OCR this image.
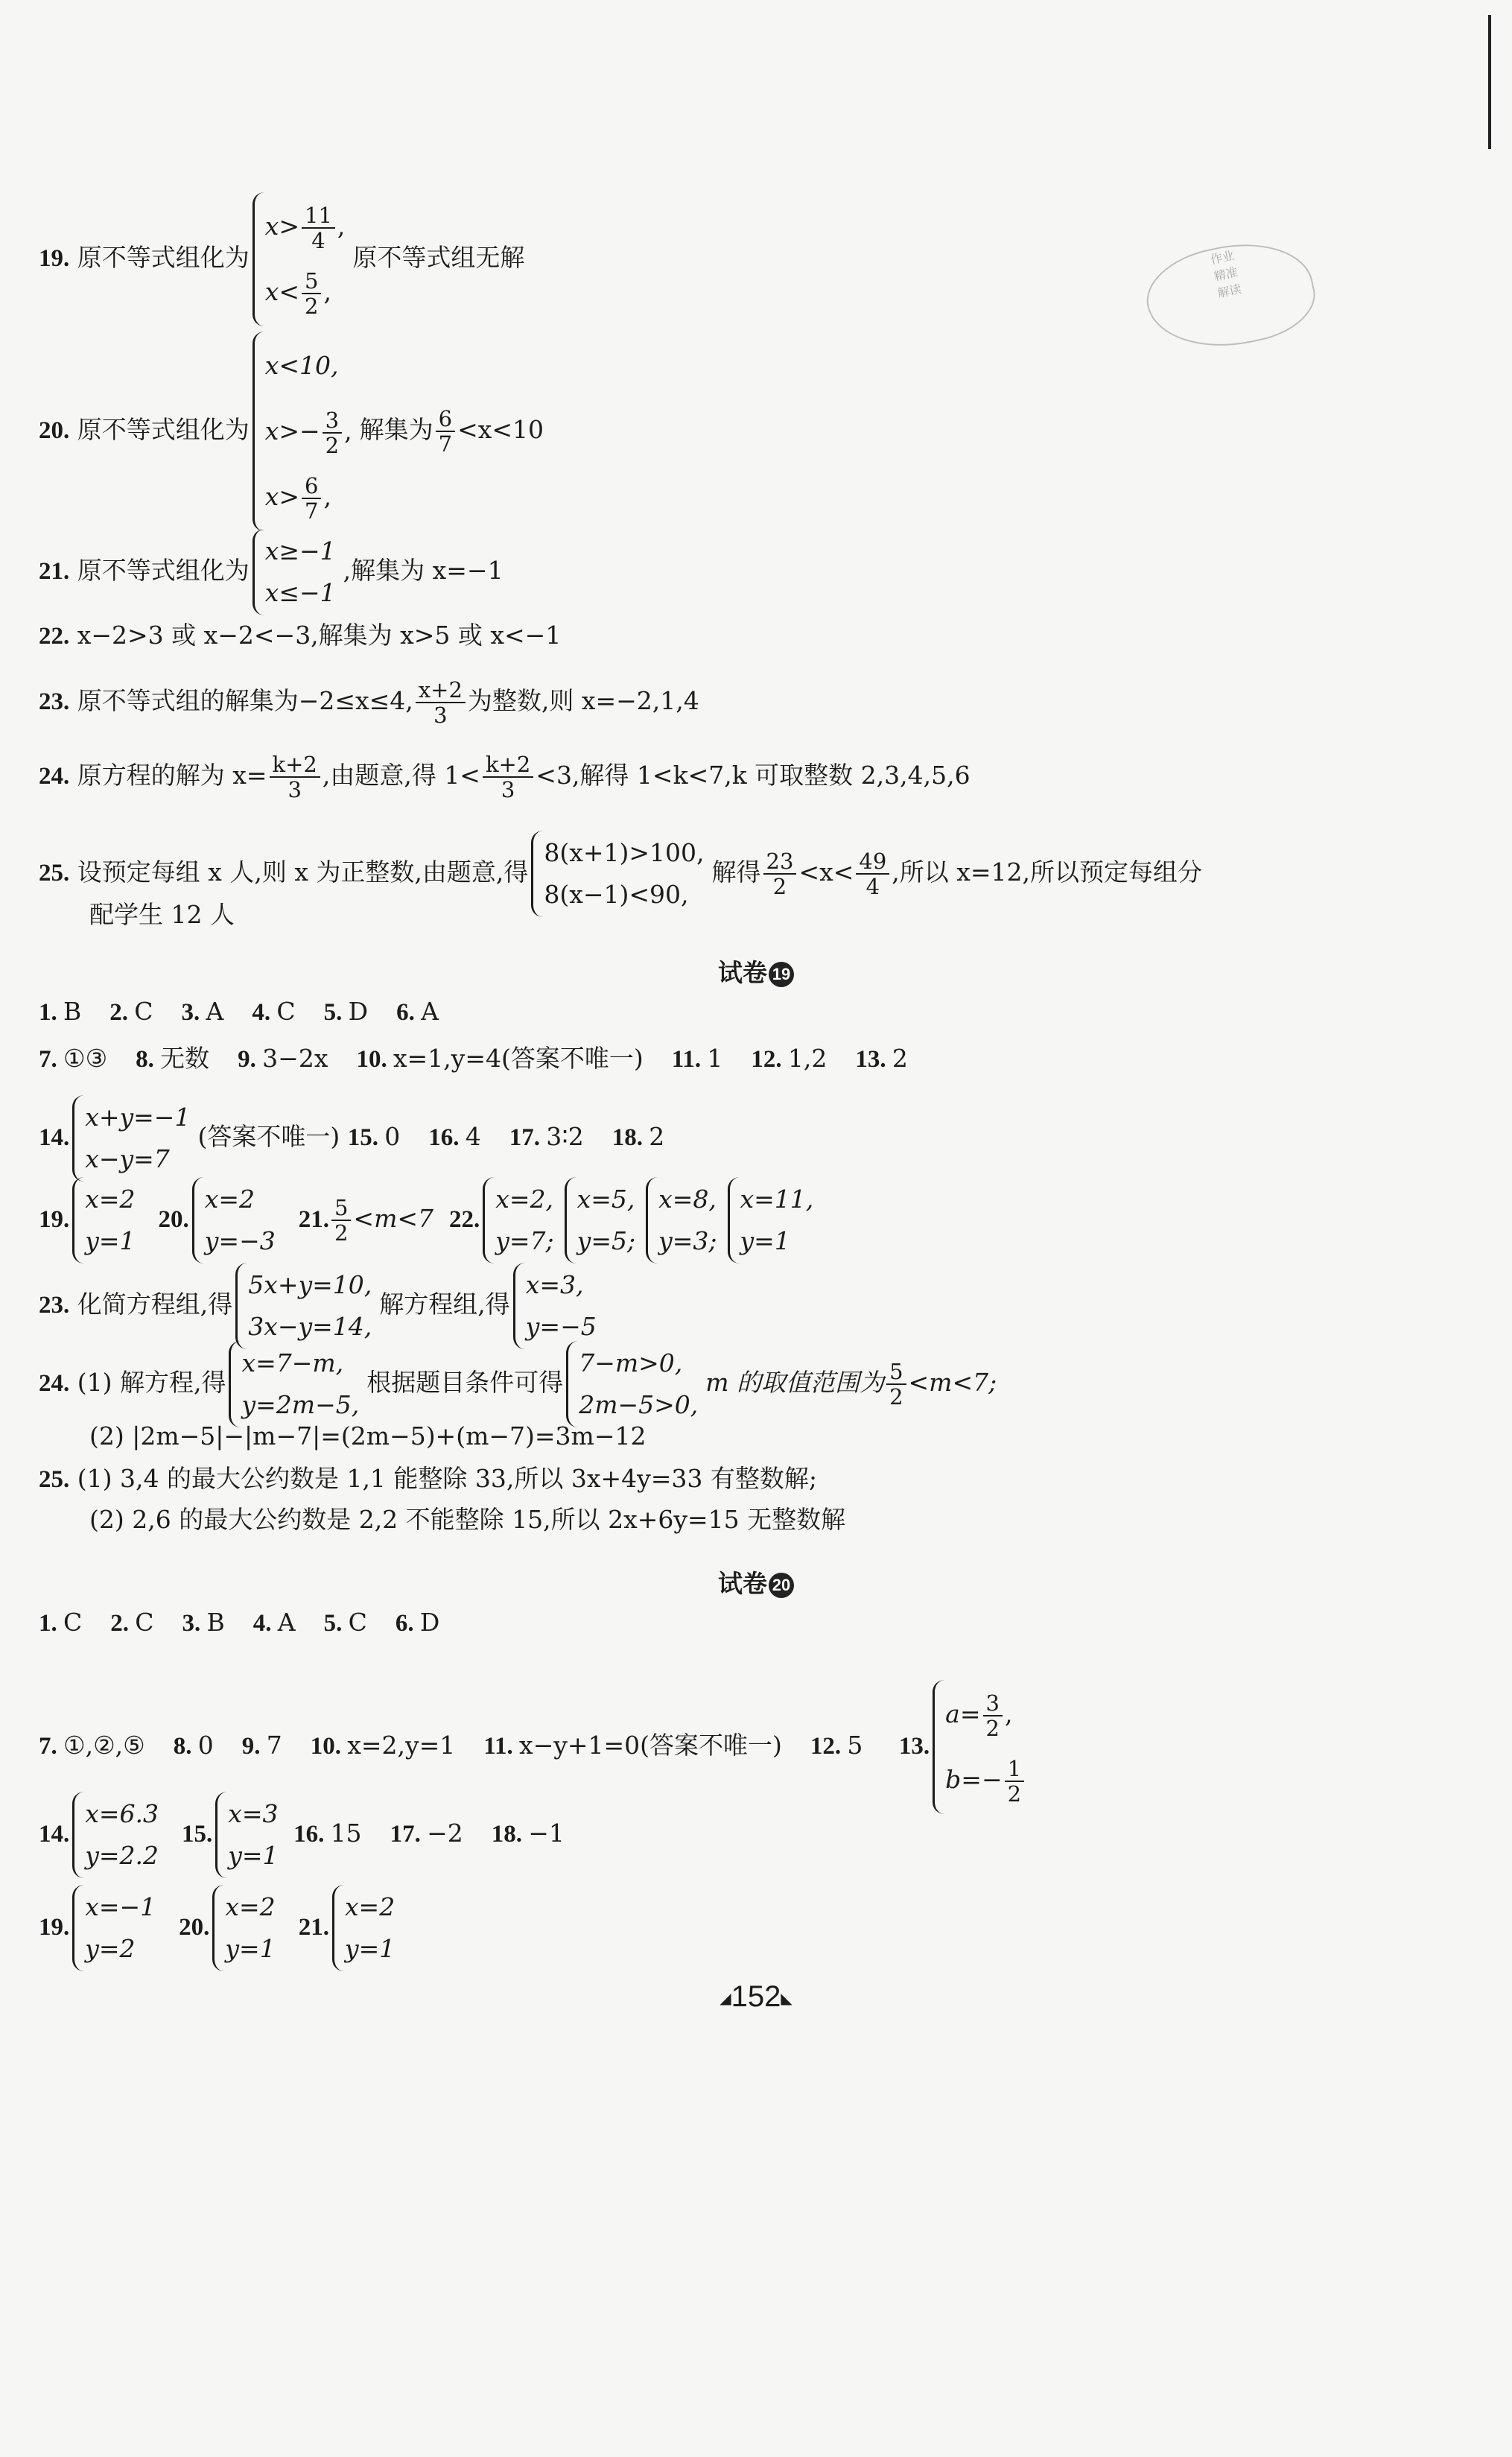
作业
精准
解读
19. 原不等式组化为
$x> \frac{11}{4}$ ,
$x< \frac{5}{2}$ ,
原不等式组无解
20. 原不等式组化为
x<10,
$x>- \frac{3}{2}$ ,
$x> \frac{6}{7}$ ,
解集为 $\frac{6}{7} <x<10$
21. 原不等式组化为
x≥−1
x≤−1
,解集为 x=−1
22. x−2>3 或 x−2<−3,解集为 x>5 或 x<−1
23. 原不等式组的解集为−2≤x≤4, $\frac{x+2}{3}$ 为整数,则 x=−2,1,4
24. 原方程的解为 $x= \frac{k+2}{3}$ ,由题意,得 $1< \frac{k+2}{3} <3$,解得 1<k<7,k 可取整数 2,3,4,5,6
25. 设预定每组 x 人,则 x 为正整数,由题意,得
8(x+1)>100,
8(x−1)<90,
解得 $\frac{23}{2} <x< \frac{49}{4}$ ,所以 x=12,所以预定每组分
配学生 12 人
试卷 19
1. B 2. C 3. A 4. C 5. D 6. A
7. ①③ 8. 无数 9. 3−2x 10. x=1,y=4(答案不唯一) 11. 1 12. 1,2 13. 2
14.
x+y=−1
x−y=7
(答案不唯一) 15. 0 16. 4 17. 3∶2 18. 2
19.
x=2
y=1
20.
x=2
y=−3
21. $\frac{5}{2} <m<7$ 22.
x=2,
y=7;
x=5,
y=5;
x=8,
y=3;
x=11,
y=1
23. 化简方程组,得
5x+y=10,
3x−y=14,
解方程组,得
x=3,
y=−5
24. (1) 解方程,得
x=7−m,
y=2m−5,
根据题目条件可得
7−m>0,
2m−5>0,
m 的取值范围为 $\frac{5}{2} <m<7$;
(2) |2m−5|−|m−7|=(2m−5)+(m−7)=3m−12
25. (1) 3,4 的最大公约数是 1,1 能整除 33,所以 3x+4y=33 有整数解;
(2) 2,6 的最大公约数是 2,2 不能整除 15,所以 2x+6y=15 无整数解
试卷 20
1. C 2. C 3. B 4. A 5. C 6. D
7. ①,②,⑤ 8. 0 9. 7 10. x=2,y=1 11. x−y+1=0(答案不唯一) 12. 5 13.
$a= \frac{3}{2}$ ,
$b=- \frac{1}{2}$
14.
x=6.3
y=2.2
15.
x=3
y=1
16. 15 17. −2 18. −1
19.
x=−1
y=2
20.
x=2
y=1
21.
x=2
y=1
◢152◣
